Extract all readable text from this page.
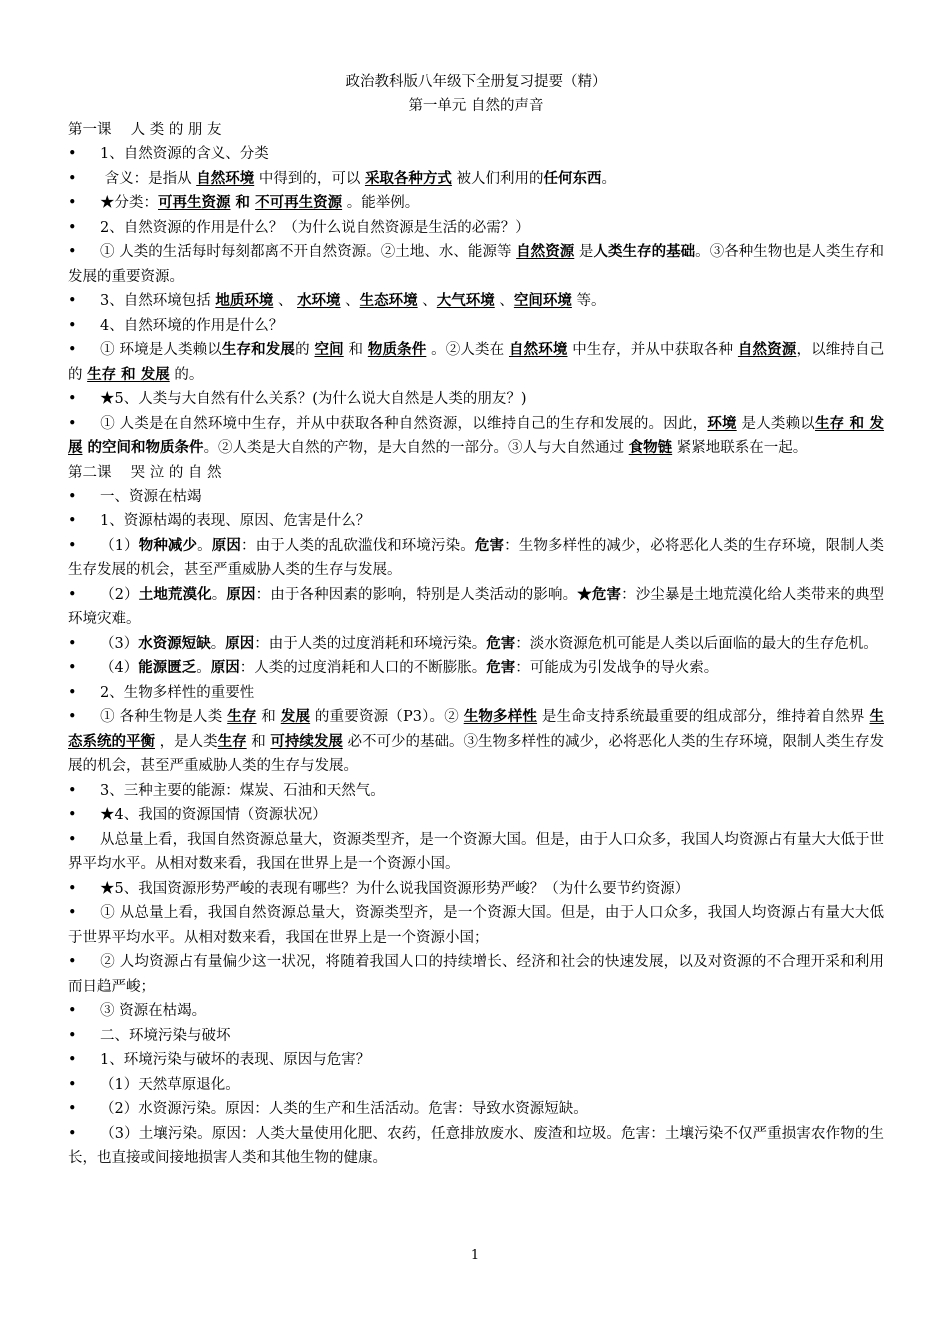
政治教科版八年级下全册复习提要（精）
第一单元 自然的声音
第一课　 人 类 的 朋 友
• 1、自然资源的含义、分类
• 含义：是指从 自然环境 中得到的，可以 采取各种方式 被人们利用的任何东西。
• ★分类：可再生资源 和 不可再生资源 。能举例。
• 2、自然资源的作用是什么？（为什么说自然资源是生活的必需？）
• ① 人类的生活每时每刻都离不开自然资源。②土地、水、能源等 自然资源 是人类生存的基础。③各种生物也是人类生存和发展的重要资源。
• 3、自然环境包括 地质环境 、 水环境 、生态环境 、大气环境 、空间环境 等。
• 4、自然环境的作用是什么？
• ① 环境是人类赖以生存和发展的 空间 和 物质条件 。②人类在 自然环境 中生存，并从中获取各种 自然资源，以维持自己的 生存 和 发展 的。
• ★5、人类与大自然有什么关系？(为什么说大自然是人类的朋友？)
• ① 人类是在自然环境中生存，并从中获取各种自然资源，以维持自己的生存和发展的。因此，环境 是人类赖以生存 和 发展 的空间和物质条件。②人类是大自然的产物，是大自然的一部分。③人与大自然通过 食物链 紧紧地联系在一起。
第二课　 哭 泣 的 自 然
• 一、资源在枯竭
• 1、资源枯竭的表现、原因、危害是什么？
• （1）物种减少。原因：由于人类的乱砍滥伐和环境污染。危害：生物多样性的减少，必将恶化人类的生存环境，限制人类生存发展的机会，甚至严重威胁人类的生存与发展。
• （2）土地荒漠化。原因：由于各种因素的影响，特别是人类活动的影响。★危害：沙尘暴是土地荒漠化给人类带来的典型环境灾难。
• （3）水资源短缺。原因：由于人类的过度消耗和环境污染。危害：淡水资源危机可能是人类以后面临的最大的生存危机。
• （4）能源匮乏。原因：人类的过度消耗和人口的不断膨胀。危害：可能成为引发战争的导火索。
• 2、生物多样性的重要性
• ① 各种生物是人类 生存 和 发展 的重要资源（P3）。② 生物多样性 是生命支持系统最重要的组成部分，维持着自然界 生态系统的平衡 ，是人类生存 和 可持续发展 必不可少的基础。③生物多样性的减少，必将恶化人类的生存环境，限制人类生存发展的机会，甚至严重威胁人类的生存与发展。
• 3、三种主要的能源：煤炭、石油和天然气。
• ★4、我国的资源国情（资源状况）
• 从总量上看，我国自然资源总量大，资源类型齐，是一个资源大国。但是，由于人口众多，我国人均资源占有量大大低于世界平均水平。从相对数来看，我国在世界上是一个资源小国。
• ★5、我国资源形势严峻的表现有哪些？为什么说我国资源形势严峻？（为什么要节约资源）
• ① 从总量上看，我国自然资源总量大，资源类型齐，是一个资源大国。但是，由于人口众多，我国人均资源占有量大大低于世界平均水平。从相对数来看，我国在世界上是一个资源小国；
• ② 人均资源占有量偏少这一状况，将随着我国人口的持续增长、经济和社会的快速发展，以及对资源的不合理开采和利用而日趋严峻；
• ③ 资源在枯竭。
• 二、环境污染与破坏
• 1、环境污染与破坏的表现、原因与危害？
• （1）天然草原退化。
• （2）水资源污染。原因：人类的生产和生活活动。危害：导致水资源短缺。
• （3）土壤污染。原因：人类大量使用化肥、农药，任意排放废水、废渣和垃圾。危害：土壤污染不仅严重损害农作物的生长，也直接或间接地损害人类和其他生物的健康。
1
